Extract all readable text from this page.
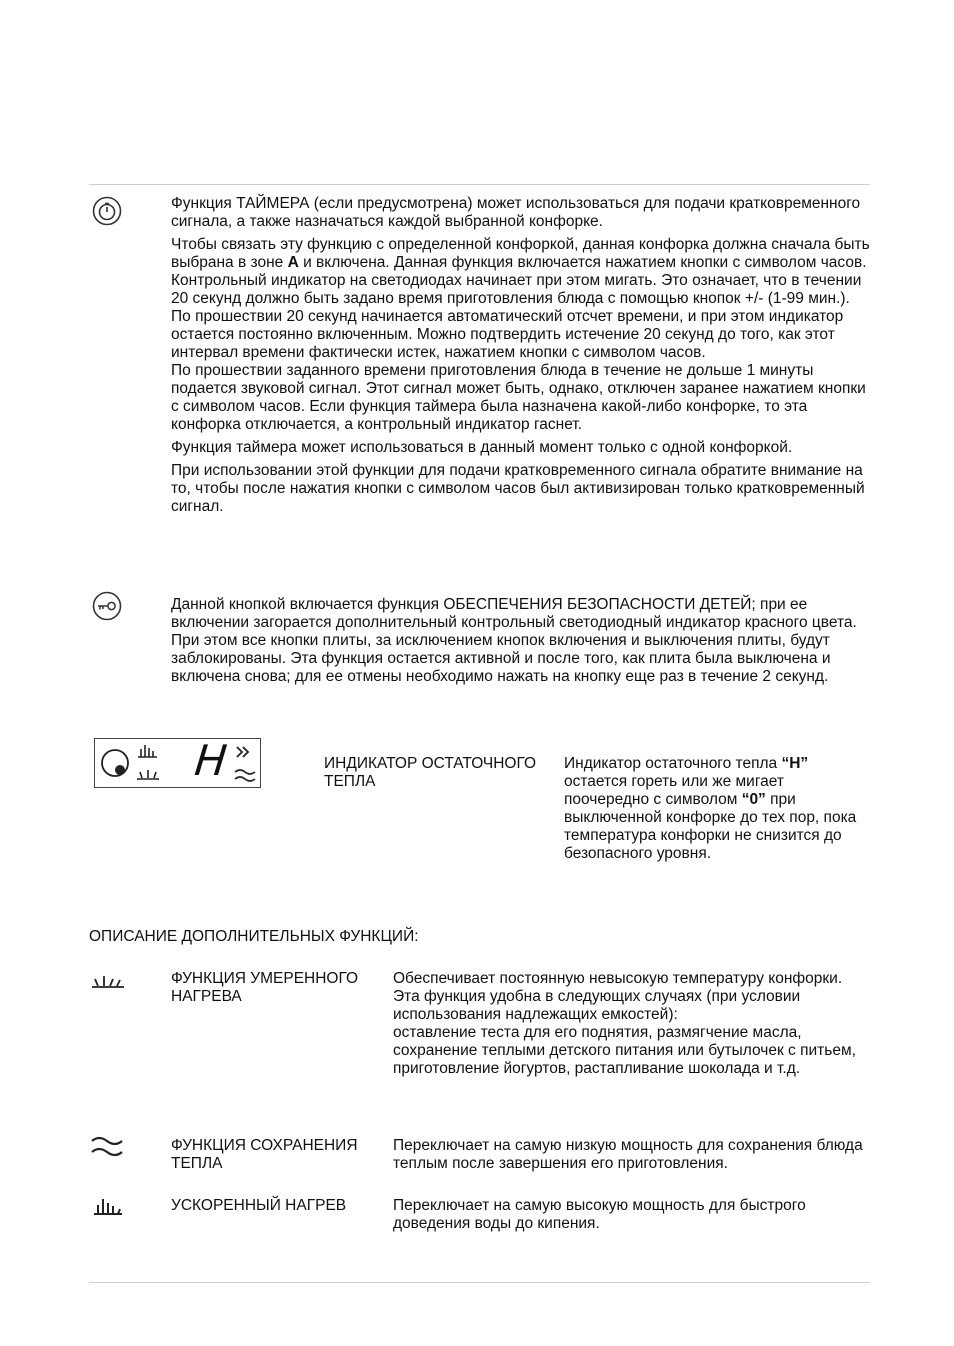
Функция ТАЙМЕРА (если предусмотрена) может использоваться для подачи кратковременного сигнала, а также назначаться каждой выбранной конфорке.

Чтобы связать эту функцию с определенной конфоркой, данная конфорка должна сначала быть выбрана в зоне A и включена. Данная функция включается нажатием кнопки с символом часов. Контрольный индикатор на светодиодах начинает при этом мигать. Это означает, что в течении 20 секунд должно быть задано время приготовления блюда с помощью кнопок +/- (1-99 мин.). По прошествии 20 секунд начинается автоматический отсчет времени, и при этом индикатор остается постоянно включенным. Можно подтвердить истечение 20 секунд до того, как этот интервал времени фактически истек, нажатием кнопки с символом часов.

По прошествии заданного времени приготовления блюда в течение не дольше 1 минуты подается звуковой сигнал. Этот сигнал может быть, однако, отключен заранее нажатием кнопки с символом часов. Если функция таймера была назначена какой-либо конфорке, то эта конфорка отключается, а контрольный индикатор гаснет.

Функция таймера может использоваться в данный момент только с одной конфоркой.

При использовании этой функции для подачи кратковременного сигнала обратите внимание на то, чтобы после нажатия кнопки с символом часов был активизирован только кратковременный сигнал.

Данной кнопкой включается функция ОБЕСПЕЧЕНИЯ БЕЗОПАСНОСТИ ДЕТЕЙ; при ее включении загорается дополнительный контрольный светодиодный индикатор красного цвета. При этом все кнопки плиты, за исключением кнопок включения и выключения плиты, будут заблокированы. Эта функция остается активной и после того, как плита была выключена и включена снова; для ее отмены необходимо нажать на кнопку еще раз в течение 2 секунд.

H	ИНДИКАТОР ОСТАТОЧНОГО ТЕПЛА
Индикатор остаточного тепла “H” остается гореть или же мигает поочередно с символом “0” при выключенной конфорке до тех пор, пока температура конфорки не снизится до безопасного уровня.
ОПИСАНИЕ ДОПОЛНИТЕЛЬНЫХ ФУНКЦИЙ:
ФУНКЦИЯ УМЕРЕННОГО НАГРЕВА
Обеспечивает постоянную невысокую температуру конфорки.
Эта функция удобна в следующих случаях (при условии использования надлежащих емкостей):
оставление теста для его поднятия, размягчение масла, сохранение теплыми детского питания или бутылочек с питьем, приготовление йогуртов, растапливание шоколада и т.д.
ФУНКЦИЯ СОХРАНЕНИЯ ТЕПЛА
Переключает на самую низкую мощность для сохранения блюда теплым после завершения его приготовления.
УСКОРЕННЫЙ НАГРЕВ	Переключает на самую высокую мощность для быстрого доведения воды до кипения.
